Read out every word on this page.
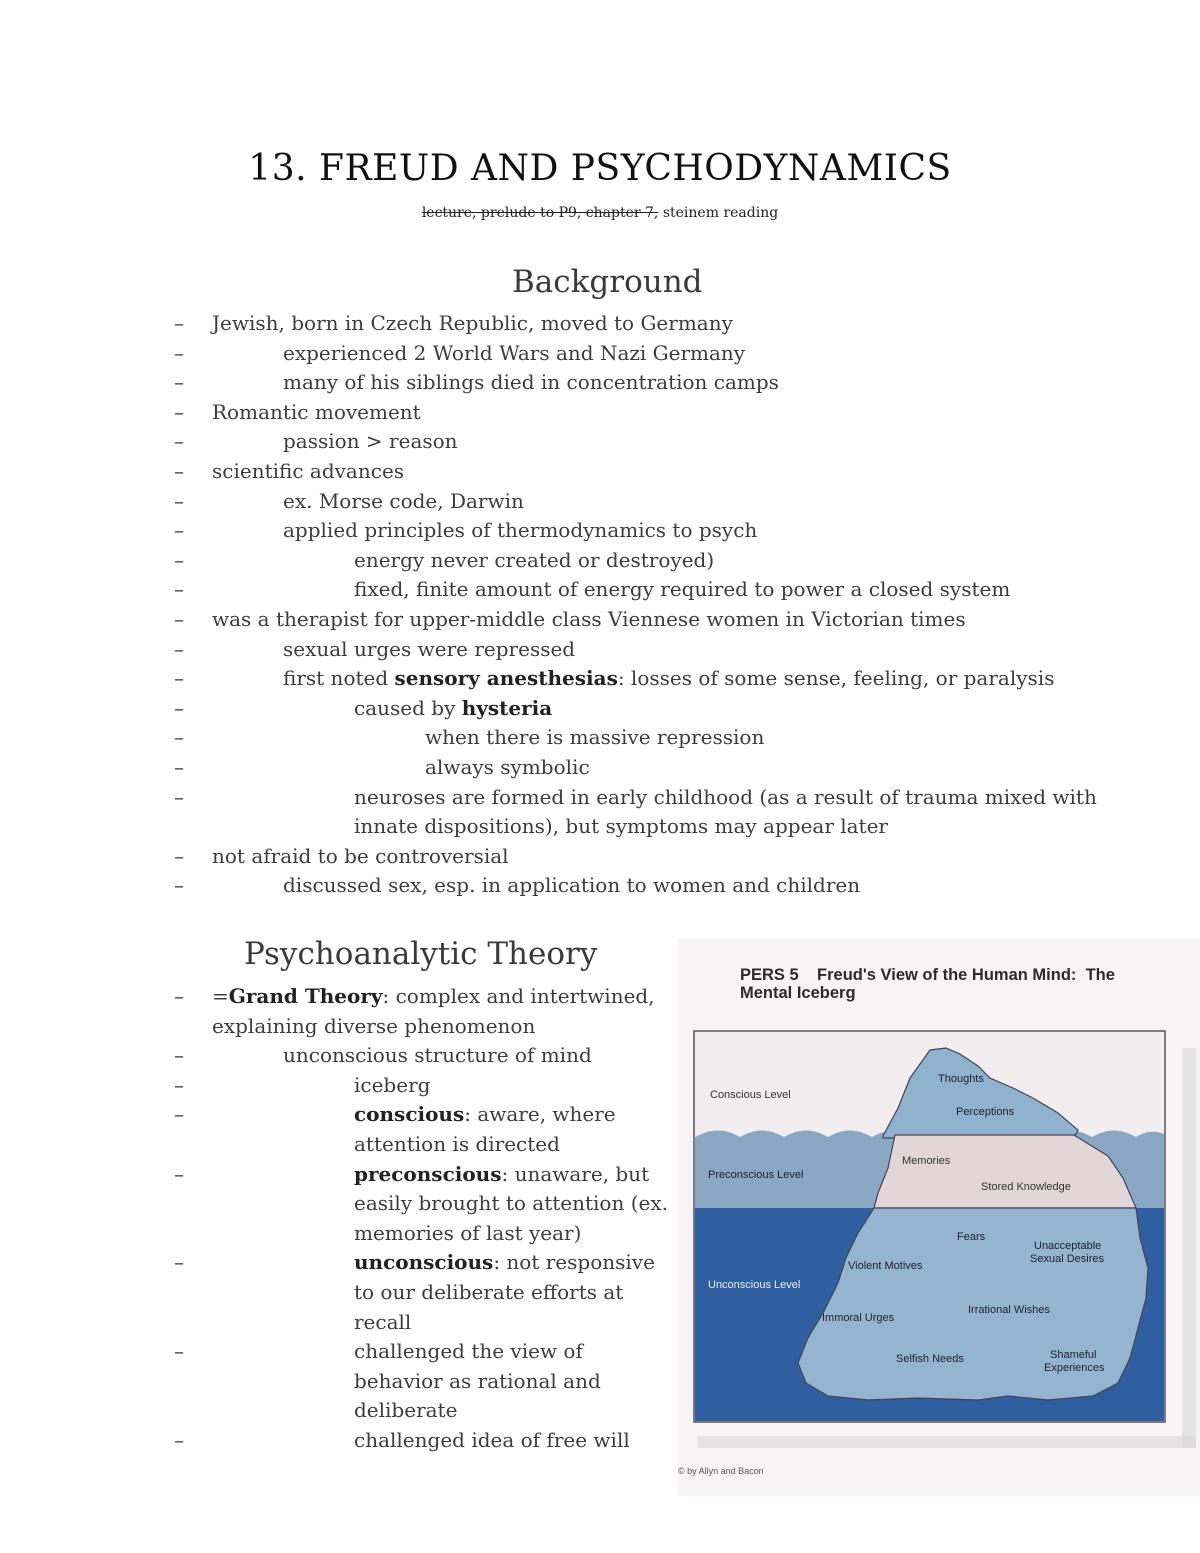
13. FREUD AND PSYCHODYNAMICS
lecture, prelude to P9, chapter 7, steinem reading
Background
– Jewish, born in Czech Republic, moved to Germany
– experienced 2 World Wars and Nazi Germany
– many of his siblings died in concentration camps
– Romantic movement
– passion > reason
– scientific advances
– ex. Morse code, Darwin
– applied principles of thermodynamics to psych
– energy never created or destroyed)
– fixed, finite amount of energy required to power a closed system
– was a therapist for upper-middle class Viennese women in Victorian times
– sexual urges were repressed
– first noted sensory anesthesias: losses of some sense, feeling, or paralysis
– caused by hysteria
– when there is massive repression
– always symbolic
– neuroses are formed in early childhood (as a result of trauma mixed with innate dispositions), but symptoms may appear later
– not afraid to be controversial
– discussed sex, esp. in application to women and children
Psychoanalytic Theory
– =Grand Theory: complex and intertwined, explaining diverse phenomenon
– unconscious structure of mind
– iceberg
– conscious: aware, where attention is directed
– preconscious: unaware, but easily brought to attention (ex. memories of last year)
– unconscious: not responsive to our deliberate efforts at recall
– challenged the view of behavior as rational and deliberate
– challenged idea of free will
PERS 5    Freud's View of the Human Mind:  The
Mental Iceberg
Conscious Level
Preconscious Level
Unconscious Level
Thoughts
Perceptions
Memories
Stored Knowledge
Fears
Violent Motives
Unacceptable
Sexual Desires
Immoral Urges
Irrational Wishes
Selfish Needs	Shameful
Experiences
© by Allyn and Bacon
